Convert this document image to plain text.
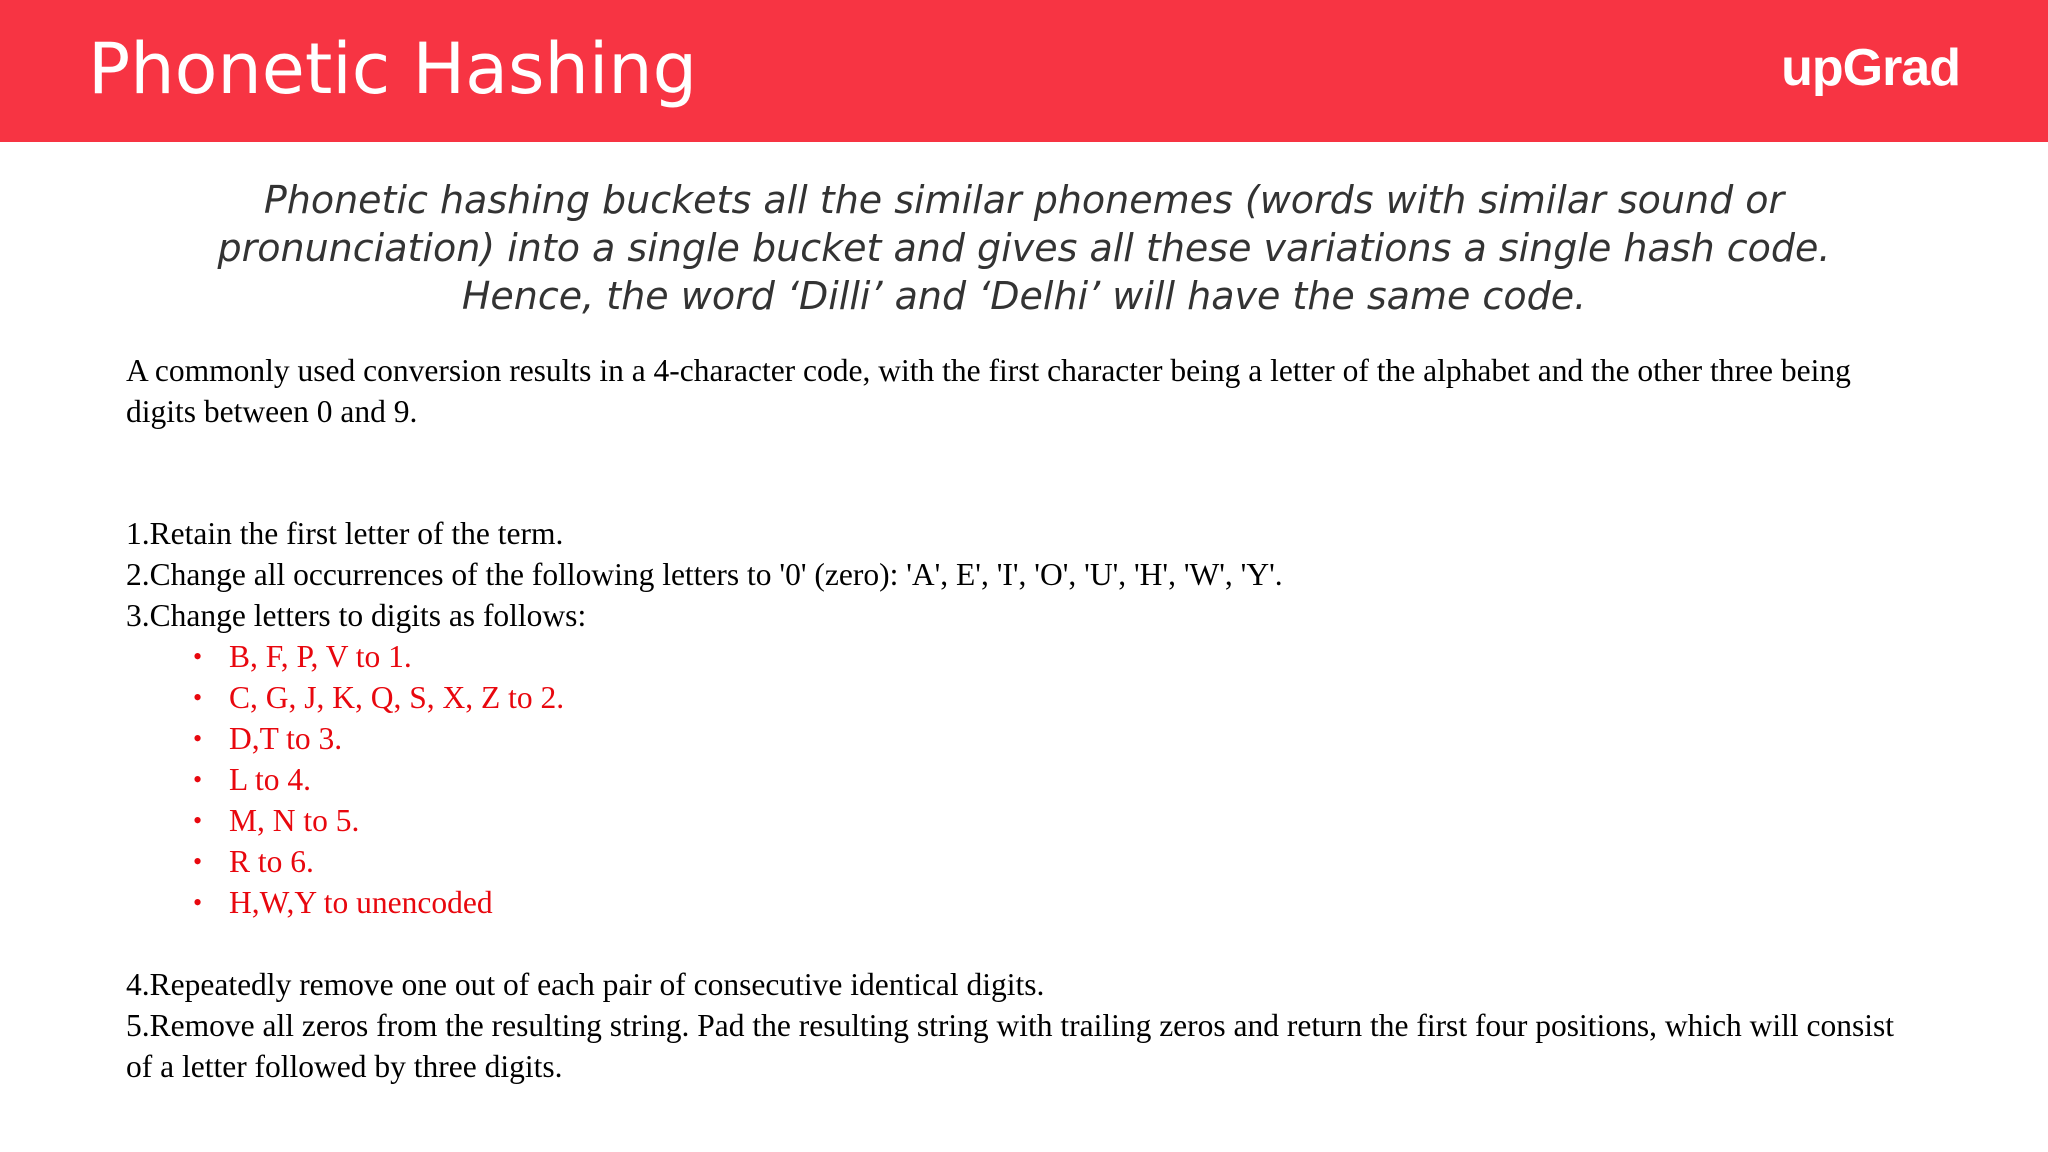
Phonetic Hashing	upGrad
Phonetic hashing buckets all the similar phonemes (words with similar sound or
pronunciation) into a single bucket and gives all these variations a single hash code.
Hence, the word ‘Dilli’ and ‘Delhi’ will have the same code.
A commonly used conversion results in a 4-character code, with the first character being a letter of the alphabet and the other three being digits between 0 and 9.
1.Retain the first letter of the term.
2.Change all occurrences of the following letters to '0' (zero): 'A', E', 'I', 'O', 'U', 'H', 'W', 'Y'.
3.Change letters to digits as follows:
• B, F, P, V to 1.
• C, G, J, K, Q, S, X, Z to 2.
• D,T to 3.
• L to 4.
• M, N to 5.
• R to 6.
• H,W,Y to unencoded
4.Repeatedly remove one out of each pair of consecutive identical digits.
5.Remove all zeros from the resulting string. Pad the resulting string with trailing zeros and return the first four positions, which will consist of a letter followed by three digits.
